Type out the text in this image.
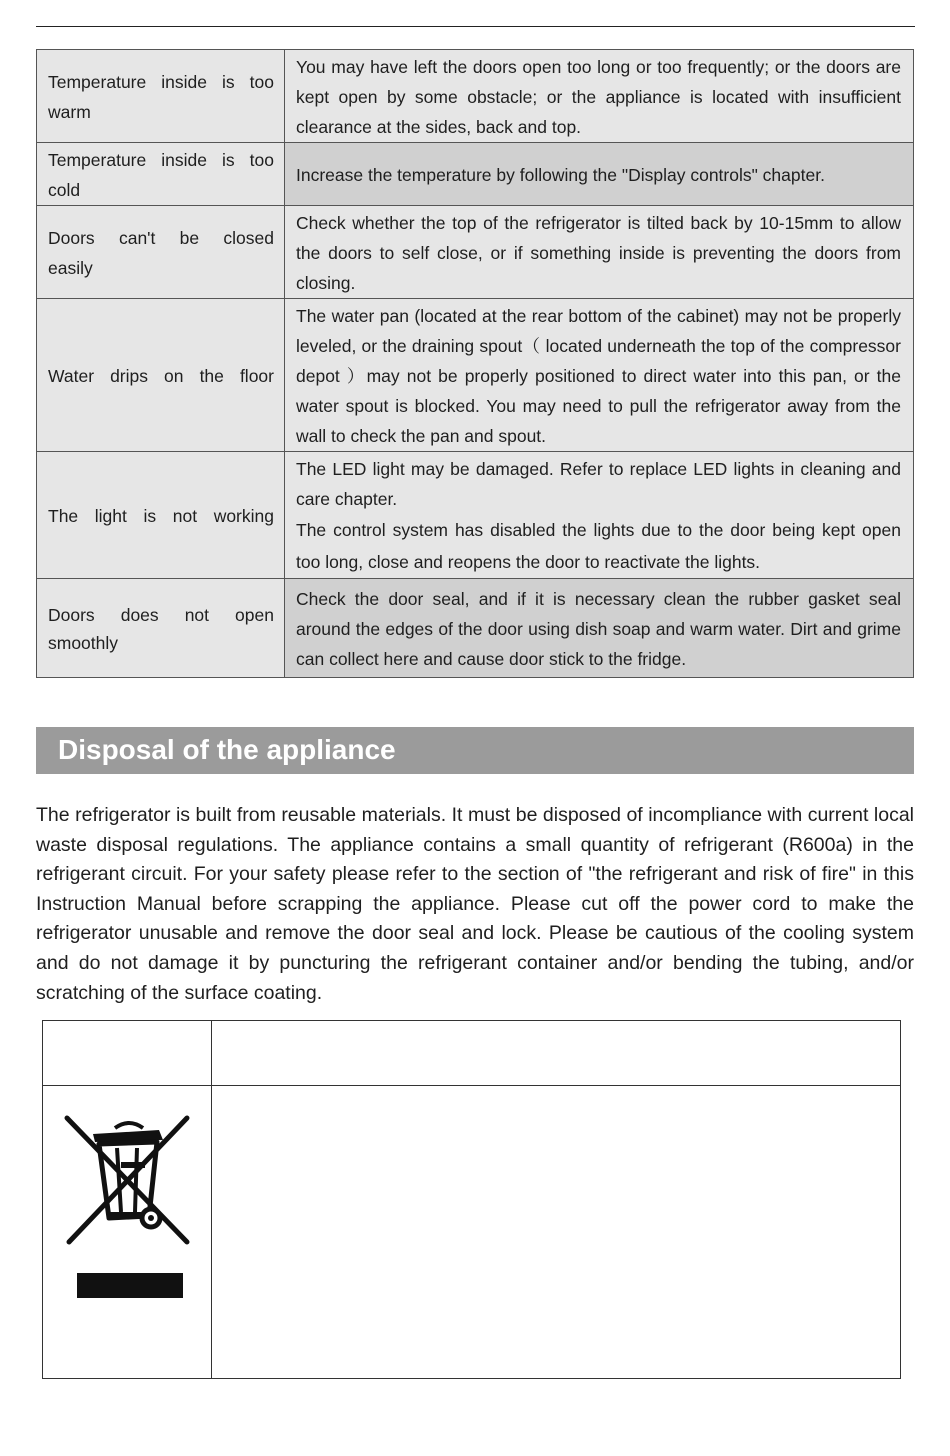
Temperature inside is too
warm	You may have left the doors open too long or too frequently; or the doors are kept open by some obstacle; or the appliance is located with insufficient clearance at the sides, back and top.

Temperature inside is too
cold	Increase the temperature by following the "Display controls" chapter.

Doors can't be closed
easily	Check whether the top of the refrigerator is tilted back by 10-15mm to allow the doors to self close, or if something inside is preventing the doors from closing.

Water drips on the floor	The water pan (located at the rear bottom of the cabinet) may not be properly leveled, or the draining spout（ located underneath the top of the compressor depot ）may not be properly positioned to direct water into this pan, or the water spout is blocked. You may need to pull the refrigerator away from the wall to check the pan and spout.

The light is not working	The LED light may be damaged. Refer to replace LED lights in cleaning and care chapter.
The control system has disabled the lights due to the door being kept open too long, close and reopens the door to reactivate the lights.

Doors does not open
smoothly	Check the door seal, and if it is necessary clean the rubber gasket seal around the edges of the door using dish soap and warm water. Dirt and grime can collect here and cause door stick to the fridge.
Disposal of the appliance

The refrigerator is built from reusable materials. It must be disposed of incompliance with current local waste disposal regulations. The appliance contains a small quantity of refrigerant (R600a) in the refrigerant circuit. For your safety please refer to the section of "the refrigerant and risk of fire" in this Instruction Manual before scrapping the appliance. Please cut off the power cord to make the refrigerator unusable and remove the door seal and lock. Please be cautious of the cooling system and do not damage it by puncturing the refrigerant container and/or bending the tubing, and/or scratching of the surface coating.
